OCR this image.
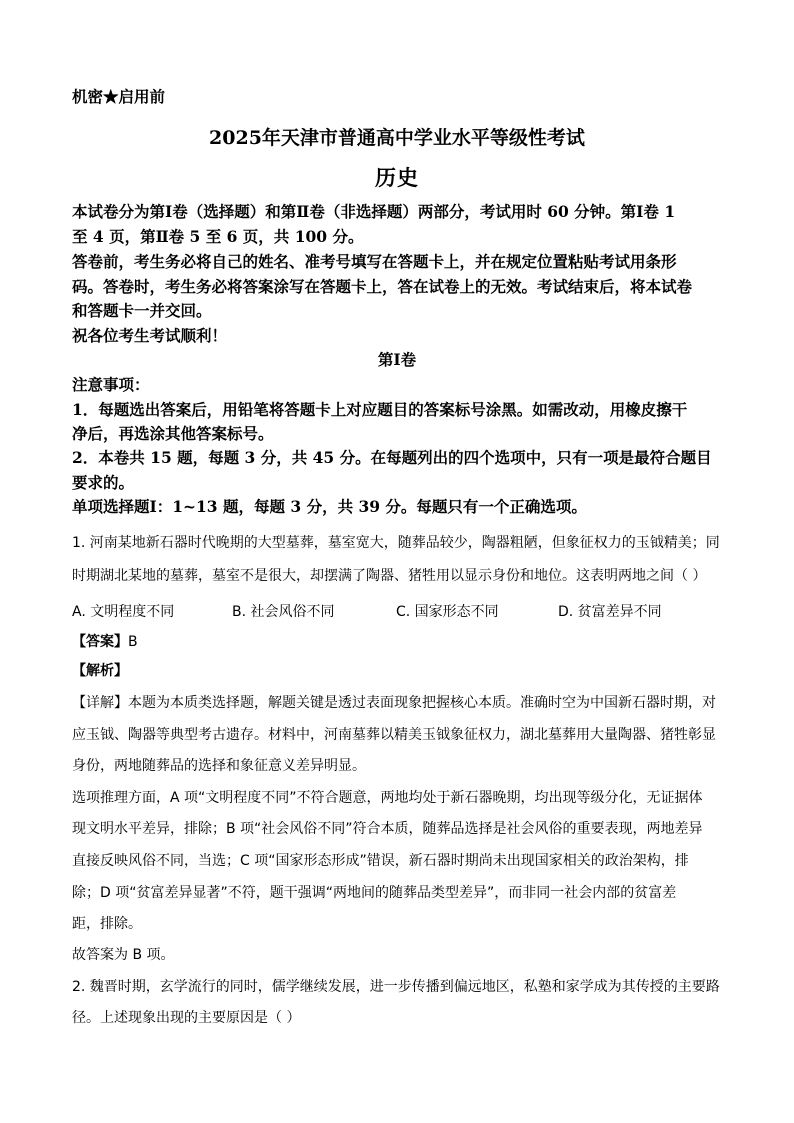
机密★启用前
2025年天津市普通高中学业水平等级性考试
历史
本试卷分为第Ⅰ卷（选择题）和第Ⅱ卷（非选择题）两部分，考试用时 60 分钟。第Ⅰ卷 1
至 4 页，第Ⅱ卷 5 至 6 页，共 100 分。
答卷前，考生务必将自己的姓名、准考号填写在答题卡上，并在规定位置粘贴考试用条形
码。答卷时，考生务必将答案涂写在答题卡上，答在试卷上的无效。考试结束后，将本试卷
和答题卡一并交回。
祝各位考生考试顺利！
第Ⅰ卷
注意事项：
1．每题选出答案后，用铅笔将答题卡上对应题目的答案标号涂黑。如需改动，用橡皮擦干
净后，再选涂其他答案标号。
2．本卷共 15 题，每题 3 分，共 45 分。在每题列出的四个选项中，只有一项是最符合题目
要求的。
单项选择题Ⅰ：1~13 题，每题 3 分，共 39 分。每题只有一个正确选项。
1. 河南某地新石器时代晚期的大型墓葬，墓室宽大，随葬品较少，陶器粗陋，但象征权力的玉钺精美；同
时期湖北某地的墓葬，墓室不是很大，却摆满了陶器、猪牲用以显示身份和地位。这表明两地之间（ ）
A. 文明程度不同	B. 社会风俗不同	C. 国家形态不同	D. 贫富差异不同
【答案】B
【解析】
【详解】本题为本质类选择题，解题关键是透过表面现象把握核心本质。准确时空为中国新石器时期，对
应玉钺、陶器等典型考古遗存。材料中，河南墓葬以精美玉钺象征权力，湖北墓葬用大量陶器、猪牲彰显
身份，两地随葬品的选择和象征意义差异明显。
选项推理方面，A 项“文明程度不同”不符合题意，两地均处于新石器晚期，均出现等级分化，无证据体
现文明水平差异，排除；B 项“社会风俗不同”符合本质，随葬品选择是社会风俗的重要表现，两地差异
直接反映风俗不同，当选；C 项“国家形态形成”错误，新石器时期尚未出现国家相关的政治架构，排
除；D 项“贫富差异显著”不符，题干强调“两地间的随葬品类型差异”，而非同一社会内部的贫富差
距，排除。
故答案为 B 项。
2. 魏晋时期，玄学流行的同时，儒学继续发展，进一步传播到偏远地区，私塾和家学成为其传授的主要路
径。上述现象出现的主要原因是（ ）
